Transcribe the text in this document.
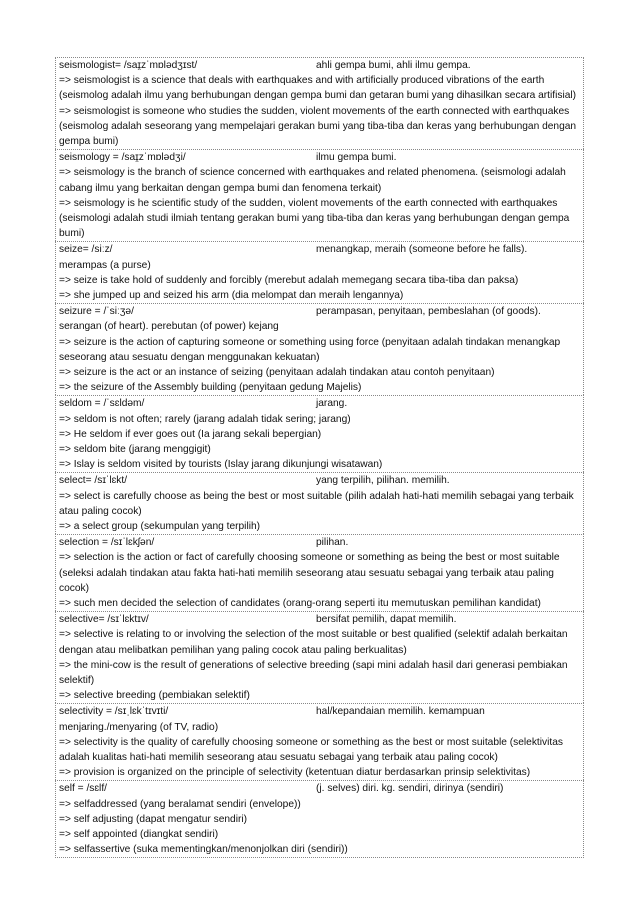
seismologist= /saɪ̯zˈmɒlədʒɪst/	ahli gempa bumi, ahli ilmu gempa.
=> seismologist is a science that deals with earthquakes and with artificially produced vibrations of the earth (seismolog adalah ilmu yang berhubungan dengan gempa bumi dan getaran bumi yang dihasilkan secara artifisial)
=> seismologist is someone who studies the sudden, violent movements of the earth connected with earthquakes (seismolog adalah seseorang yang mempelajari gerakan bumi yang tiba-tiba dan keras yang berhubungan dengan gempa bumi)
seismology = /saɪ̯zˈmɒlədʒi/	ilmu gempa bumi.
=> seismology is the branch of science concerned with earthquakes and related phenomena. (seismologi adalah cabang ilmu yang berkaitan dengan gempa bumi dan fenomena terkait)
=> seismology is he scientific study of the sudden, violent movements of the earth connected with earthquakes (seismologi adalah studi ilmiah tentang gerakan bumi yang tiba-tiba dan keras yang berhubungan dengan gempa bumi)
seize= /siːz/	menangkap, meraih (someone before he falls).
merampas (a purse)
=> seize is take hold of suddenly and forcibly (merebut adalah memegang secara tiba-tiba dan paksa)
=> she jumped up and seized his arm (dia melompat dan meraih lengannya)
seizure = /ˈsiːʒə/	perampasan, penyitaan, pembeslahan (of goods).
serangan (of heart). perebutan (of power) kejang
=> seizure is the action of capturing someone or something using force (penyitaan adalah tindakan menangkap seseorang atau sesuatu dengan menggunakan kekuatan)
=> seizure is the act or an instance of seizing (penyitaan adalah tindakan atau contoh penyitaan)
=> the seizure of the Assembly building (penyitaan gedung Majelis)
seldom = /ˈsɛldəm/	jarang.
=> seldom is not often; rarely (jarang adalah tidak sering; jarang)
=> He seldom if ever goes out (Ia jarang sekali bepergian)
=> seldom bite (jarang menggigit)
=> Islay is seldom visited by tourists (Islay jarang dikunjungi wisatawan)
select= /sɪˈlɛkt/	yang terpilih, pilihan. memilih.
=> select is carefully choose as being the best or most suitable (pilih adalah hati-hati memilih sebagai yang terbaik atau paling cocok)
=> a select group (sekumpulan yang terpilih)
selection = /sɪˈlɛkʃən/	pilihan.
=> selection is the action or fact of carefully choosing someone or something as being the best or most suitable (seleksi adalah tindakan atau fakta hati-hati memilih seseorang atau sesuatu sebagai yang terbaik atau paling cocok)
=> such men decided the selection of candidates (orang-orang seperti itu memutuskan pemilihan kandidat)
selective= /sɪˈlɛktɪv/	bersifat pemilih, dapat memilih.
=> selective is relating to or involving the selection of the most suitable or best qualified (selektif adalah berkaitan dengan atau melibatkan pemilihan yang paling cocok atau paling berkualitas)
=> the mini-cow is the result of generations of selective breeding (sapi mini adalah hasil dari generasi pembiakan selektif)
=> selective breeding (pembiakan selektif)
selectivity = /sɪˌlɛkˈtɪvɪti/	hal/kepandaian memilih. kemampuan
menjaring./menyaring (of TV, radio)
=> selectivity is the quality of carefully choosing someone or something as the best or most suitable (selektivitas adalah kualitas hati-hati memilih seseorang atau sesuatu sebagai yang terbaik atau paling cocok)
=> provision is organized on the principle of selectivity (ketentuan diatur berdasarkan prinsip selektivitas)
self = /sɛlf/	(j. selves) diri. kg. sendiri, dirinya (sendiri)
=> selfaddressed (yang beralamat sendiri (envelope))
=> self adjusting (dapat mengatur sendiri)
=> self appointed (diangkat sendiri)
=> selfassertive (suka mementingkan/menonjolkan diri (sendiri))
